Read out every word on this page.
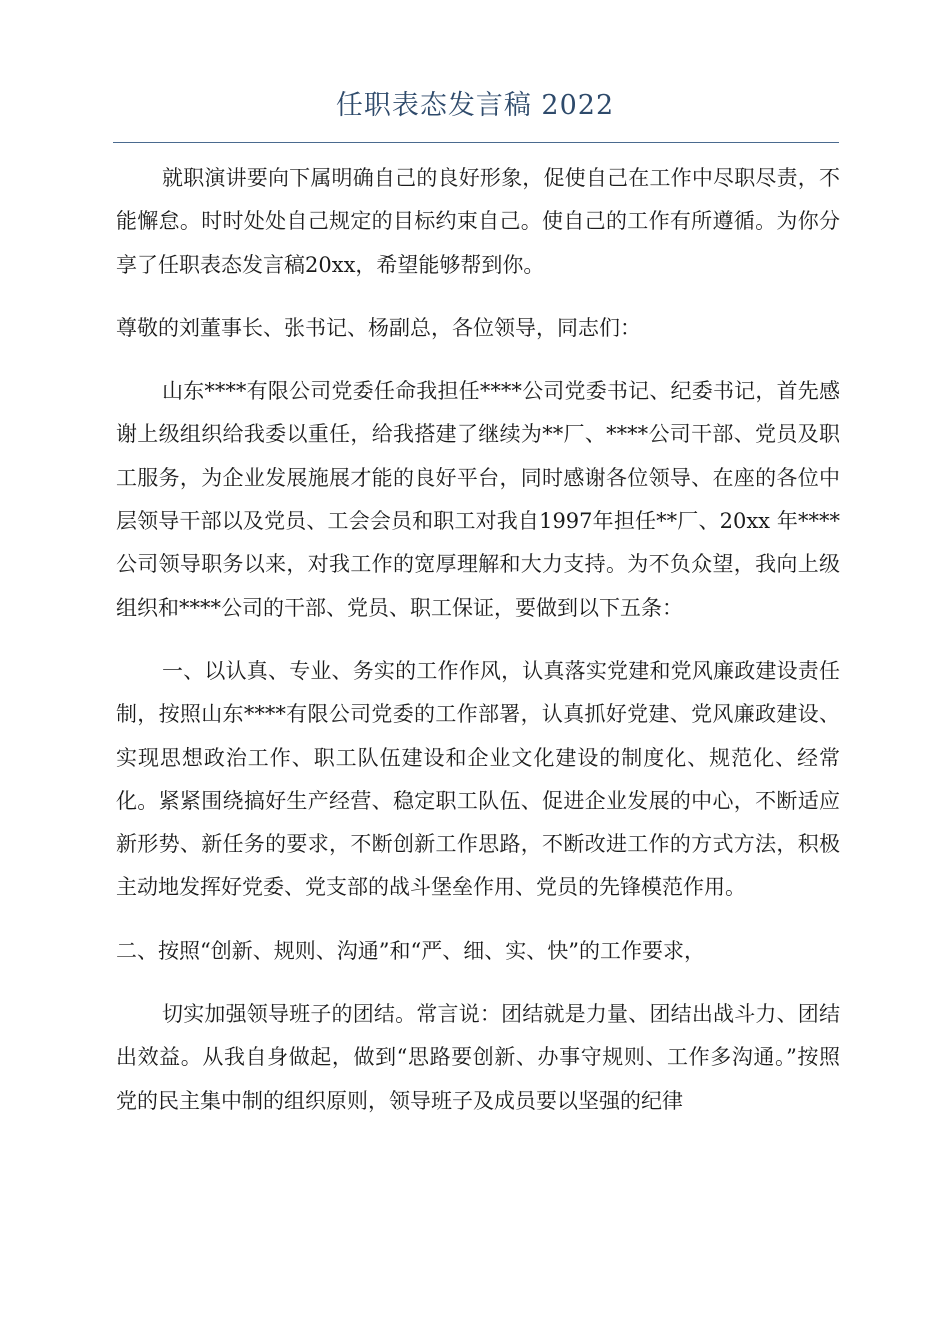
任职表态发言稿 2022

就职演讲要向下属明确自己的良好形象，促使自己在工作中尽职尽责，不能懈怠。时时处处自己规定的目标约束自己。使自己的工作有所遵循。为你分享了任职表态发言稿20xx，希望能够帮到你。

尊敬的刘董事长、张书记、杨副总，各位领导，同志们：

山东****有限公司党委任命我担任****公司党委书记、纪委书记，首先感谢上级组织给我委以重任，给我搭建了继续为**厂、****公司干部、党员及职工服务，为企业发展施展才能的良好平台，同时感谢各位领导、在座的各位中层领导干部以及党员、工会会员和职工对我自1997年担任**厂、20xx 年****公司领导职务以来，对我工作的宽厚理解和大力支持。为不负众望，我向上级组织和****公司的干部、党员、职工保证，要做到以下五条：

一、以认真、专业、务实的工作作风，认真落实党建和党风廉政建设责任制，按照山东****有限公司党委的工作部署，认真抓好党建、党风廉政建设、实现思想政治工作、职工队伍建设和企业文化建设的制度化、规范化、经常化。紧紧围绕搞好生产经营、稳定职工队伍、促进企业发展的中心，不断适应新形势、新任务的要求，不断创新工作思路，不断改进工作的方式方法，积极主动地发挥好党委、党支部的战斗堡垒作用、党员的先锋模范作用。

二、按照“创新、规则、沟通”和“严、细、实、快”的工作要求，

切实加强领导班子的团结。常言说：团结就是力量、团结出战斗力、团结出效益。从我自身做起，做到“思路要创新、办事守规则、工作多沟通。”按照党的民主集中制的组织原则，领导班子及成员要以坚强的纪律
